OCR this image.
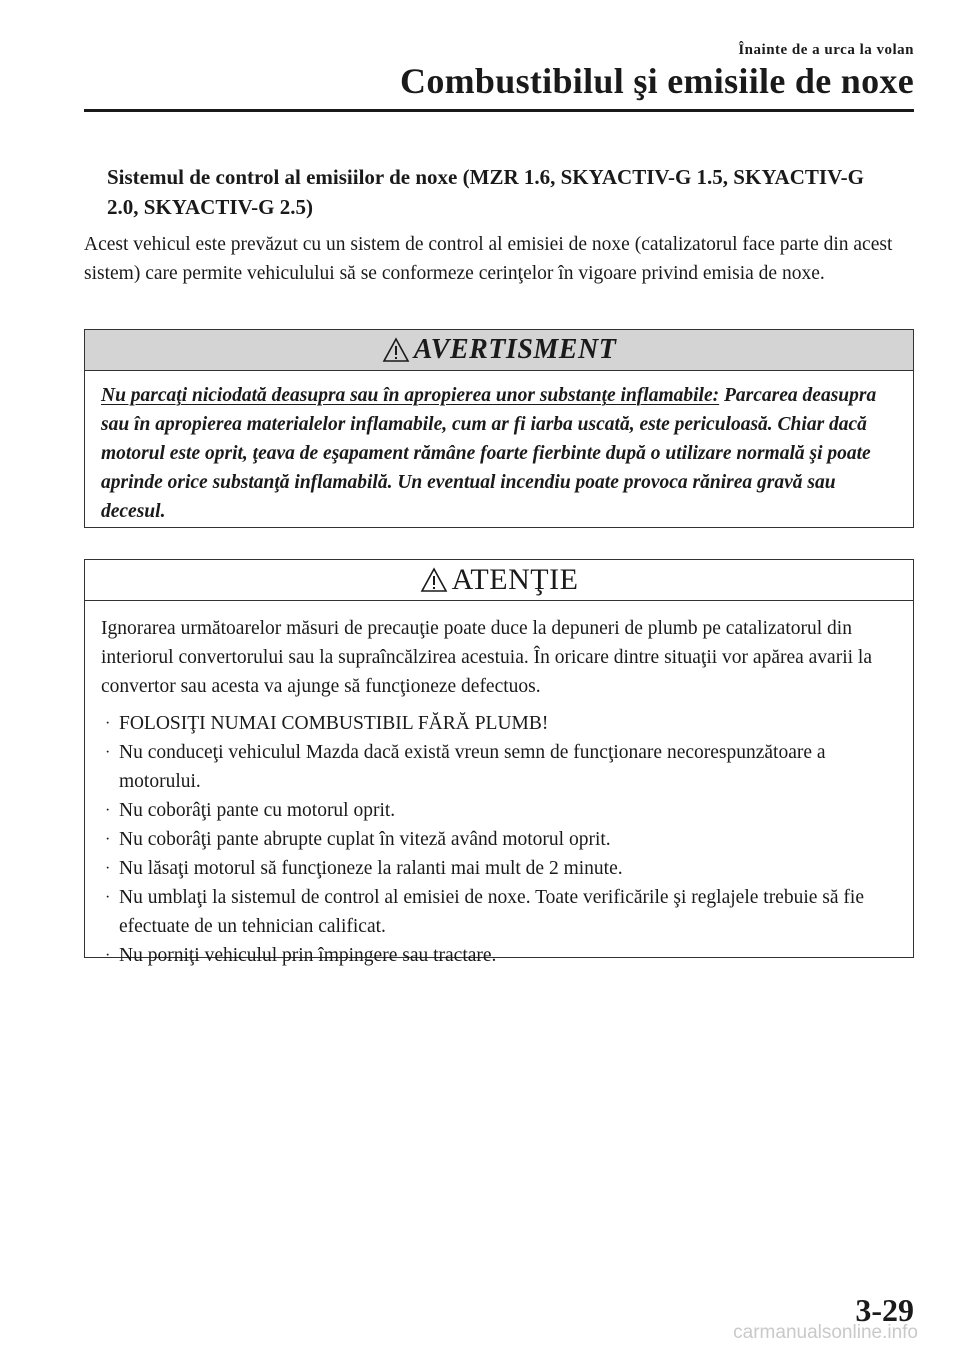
Înainte de a urca la volan
Combustibilul şi emisiile de noxe
Sistemul de control al emisiilor de noxe (MZR 1.6, SKYACTIV-G 1.5, SKYACTIV-G 2.0, SKYACTIV-G 2.5)
Acest vehicul este prevăzut cu un sistem de control al emisiei de noxe (catalizatorul face parte din acest sistem) care permite vehiculului să se conformeze cerinţelor în vigoare privind emisia de noxe.
AVERTISMENT
Nu parcaţi niciodată deasupra sau în apropierea unor substanţe inflamabile: Parcarea deasupra sau în apropierea materialelor inflamabile, cum ar fi iarba uscată, este periculoasă. Chiar dacă motorul este oprit, ţeava de eşapament rămâne foarte fierbinte după o utilizare normală şi poate aprinde orice substanţă inflamabilă. Un eventual incendiu poate provoca rănirea gravă sau decesul.
ATENŢIE
Ignorarea următoarelor măsuri de precauţie poate duce la depuneri de plumb pe catalizatorul din interiorul convertorului sau la supraîncălzirea acestuia. În oricare dintre situaţii vor apărea avarii la convertor sau acesta va ajunge să funcţioneze defectuos.
· FOLOSIŢI NUMAI COMBUSTIBIL FĂRĂ PLUMB!
· Nu conduceţi vehiculul Mazda dacă există vreun semn de funcţionare necorespunzătoare a motorului.
· Nu coborâţi pante cu motorul oprit.
· Nu coborâţi pante abrupte cuplat în viteză având motorul oprit.
· Nu lăsaţi motorul să funcţioneze la ralanti mai mult de 2 minute.
· Nu umblaţi la sistemul de control al emisiei de noxe. Toate verificările şi reglajele trebuie să fie efectuate de un tehnician calificat.
· Nu porniţi vehiculul prin împingere sau tractare.
3-29
carmanualsonline.info
